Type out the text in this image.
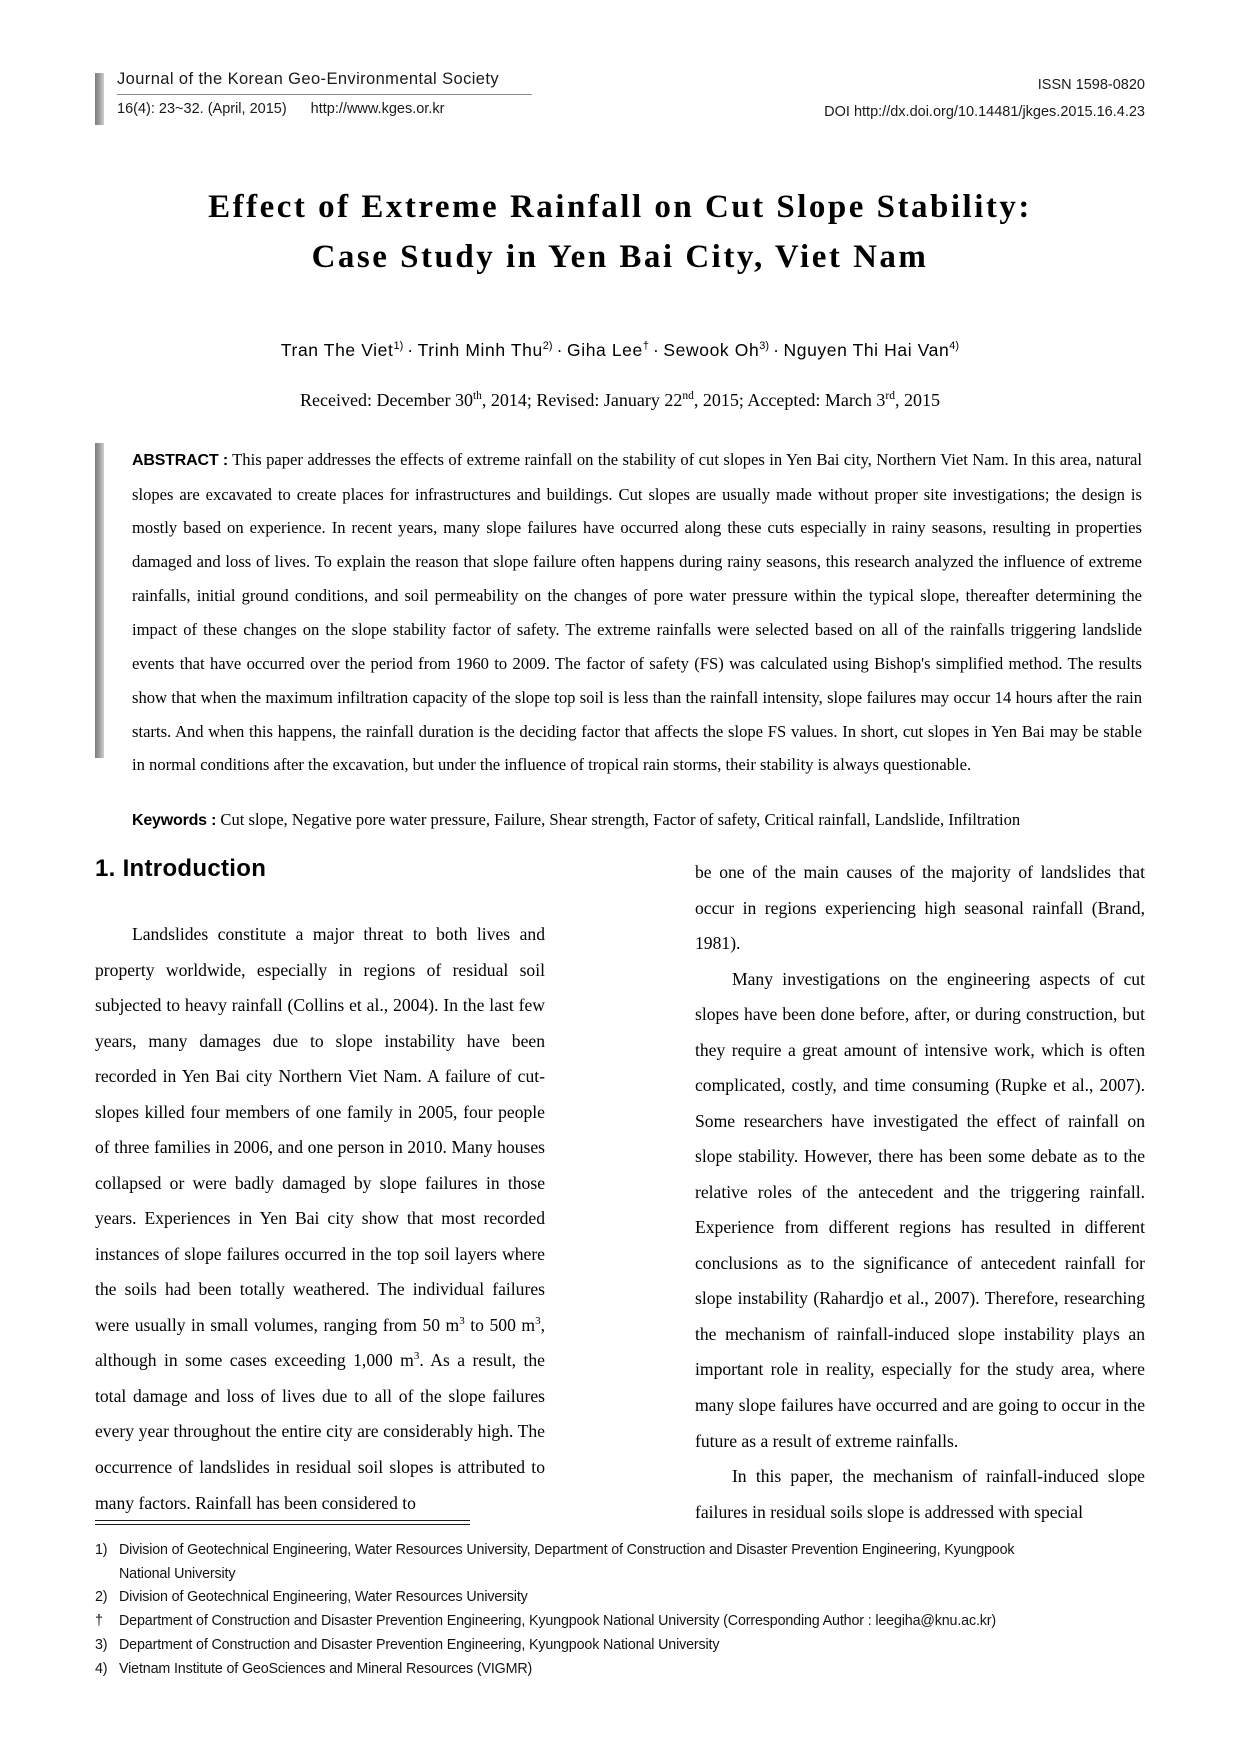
Journal of the Korean Geo-Environmental Society
16(4): 23~32. (April, 2015) http://www.kges.or.kr
ISSN 1598-0820
DOI http://dx.doi.org/10.14481/jkges.2015.16.4.23
Effect of Extreme Rainfall on Cut Slope Stability:
Case Study in Yen Bai City, Viet Nam
Tran The Viet$^{1)}$ · Trinh Minh Thu$^{2)}$ · Giha Lee† · Sewook $Oh^{3)}$ · Nguyen Thi Hai Van$^{4)}$
Received: December 30th, 2014; Revised: January 22nd, 2015; Accepted: March 3rd, 2015

ABSTRACT : This paper addresses the effects of extreme rainfall on the stability of cut slopes in Yen Bai city, Northern Viet Nam. In this area, natural slopes are excavated to create places for infrastructures and buildings. Cut slopes are usually made without proper site investigations; the design is mostly based on experience. In recent years, many slope failures have occurred along these cuts especially in rainy seasons, resulting in properties damaged and loss of lives. To explain the reason that slope failure often happens during rainy seasons, this research analyzed the influence of extreme rainfalls, initial ground conditions, and soil permeability on the changes of pore water pressure within the typical slope, thereafter determining the impact of these changes on the slope stability factor of safety. The extreme rainfalls were selected based on all of the rainfalls triggering landslide events that have occurred over the period from 1960 to 2009. The factor of safety (FS) was calculated using Bishop's simplified method. The results show that when the maximum infiltration capacity of the slope top soil is less than the rainfall intensity, slope failures may occur 14 hours after the rain starts. And when this happens, the rainfall duration is the deciding factor that affects the slope FS values. In short, cut slopes in Yen Bai may be stable in normal conditions after the excavation, but under the influence of tropical rain storms, their stability is always questionable.

Keywords : Cut slope, Negative pore water pressure, Failure, Shear strength, Factor of safety, Critical rainfall, Landslide, Infiltration

1. Introduction

Landslides constitute a major threat to both lives and property worldwide, especially in regions of residual soil subjected to heavy rainfall (Collins et al., 2004). In the last few years, many damages due to slope instability have been recorded in Yen Bai city Northern Viet Nam. A failure of cut-slopes killed four members of one family in 2005, four people of three families in 2006, and one person in 2010. Many houses collapsed or were badly damaged by slope failures in those years. Experiences in Yen Bai city show that most recorded instances of slope failures occurred in the top soil layers where the soils had been totally weathered. The individual failures were usually in small volumes, ranging from 50 $m^3$ to 500 $m^3$, although in some cases exceeding 1,000 $m^3$. As a result, the total damage and loss of lives due to all of the slope failures every year throughout the entire city are considerably high. The occurrence of landslides in residual soil slopes is attributed to many factors. Rainfall has been considered to

be one of the main causes of the majority of landslides that occur in regions experiencing high seasonal rainfall (Brand, 1981).

Many investigations on the engineering aspects of cut slopes have been done before, after, or during construction, but they require a great amount of intensive work, which is often complicated, costly, and time consuming (Rupke et al., 2007). Some researchers have investigated the effect of rainfall on slope stability. However, there has been some debate as to the relative roles of the antecedent and the triggering rainfall. Experience from different regions has resulted in different conclusions as to the significance of antecedent rainfall for slope instability (Rahardjo et al., 2007). Therefore, researching the mechanism of rainfall-induced slope instability plays an important role in reality, especially for the study area, where many slope failures have occurred and are going to occur in the future as a result of extreme rainfalls.

In this paper, the mechanism of rainfall-induced slope failures in residual soils slope is addressed with special

1) Division of Geotechnical Engineering, Water Resources University, Department of Construction and Disaster Prevention Engineering, Kyungpook
National University
2) Division of Geotechnical Engineering, Water Resources University
†	Department of Construction and Disaster Prevention Engineering, Kyungpook National University (Corresponding Author : leegiha@knu.ac.kr)
3) Department of Construction and Disaster Prevention Engineering, Kyungpook National University
4) Vietnam Institute of GeoSciences and Mineral Resources (VIGMR)
